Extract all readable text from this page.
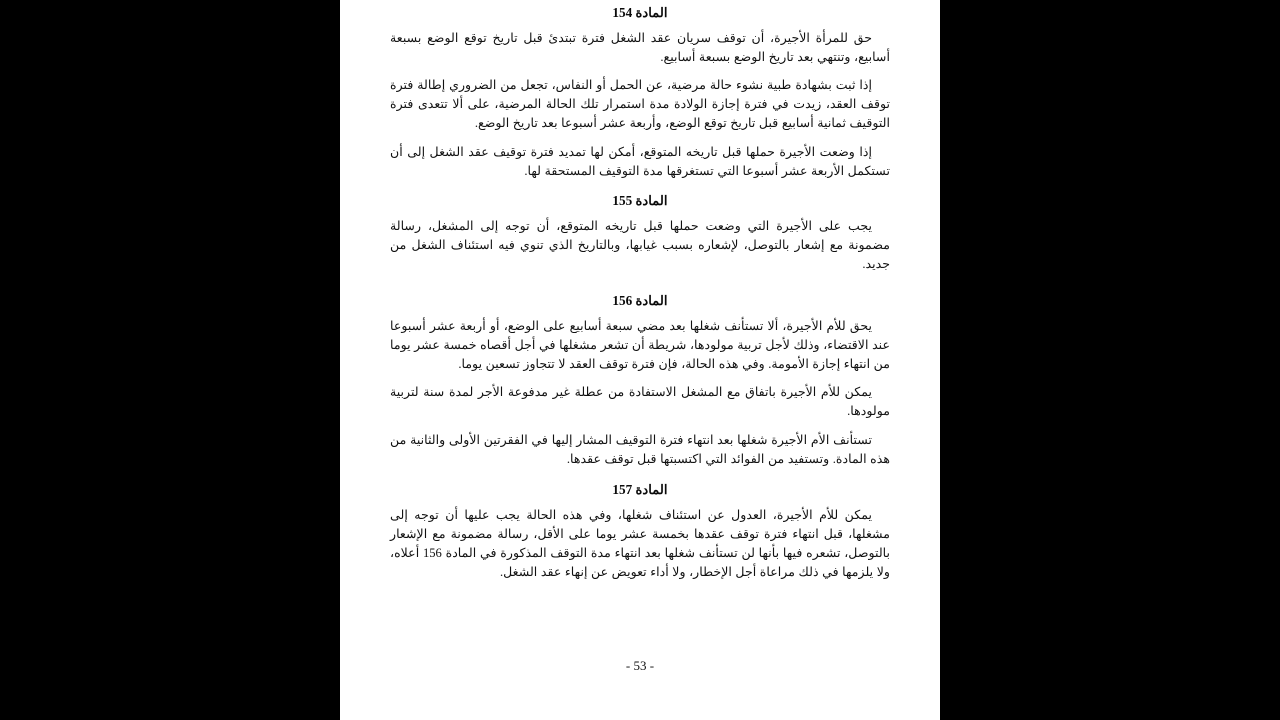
المادة 154

حق للمرأة الأجيرة، أن توقف سريان عقد الشغل فترة تبتدئ قبل تاريخ توقع الوضع بسبعة أسابيع، وتنتهي بعد تاريخ الوضع بسبعة أسابيع.

إذا ثبت بشهادة طبية نشوء حالة مرضية، عن الحمل أو النفاس، تجعل من الضروري إطالة فترة توقف العقد، زيدت في فترة إجازة الولادة مدة استمرار تلك الحالة المرضية، على ألا تتعدى فترة التوقيف ثمانية أسابيع قبل تاريخ توقع الوضع، وأربعة عشر أسبوعا بعد تاريخ الوضع.

إذا وضعت الأجيرة حملها قبل تاريخه المتوقع، أمكن لها تمديد فترة توقيف عقد الشغل إلى أن تستكمل الأربعة عشر أسبوعا التي تستغرقها مدة التوقيف المستحقة لها.

المادة 155

يجب على الأجيرة التي وضعت حملها قبل تاريخه المتوقع، أن توجه إلى المشغل، رسالة مضمونة مع إشعار بالتوصل، لإشعاره بسبب غيابها، وبالتاريخ الذي تنوي فيه استئناف الشغل من جديد.

المادة 156

يحق للأم الأجيرة، ألا تستأنف شغلها بعد مضي سبعة أسابيع على الوضع، أو أربعة عشر أسبوعا عند الاقتضاء، وذلك لأجل تربية مولودها، شريطة أن تشعر مشغلها في أجل أقصاه خمسة عشر يوما من انتهاء إجازة الأمومة. وفي هذه الحالة، فإن فترة توقف العقد لا تتجاوز تسعين يوما.

يمكن للأم الأجيرة باتفاق مع المشغل الاستفادة من عطلة غير مدفوعة الأجر لمدة سنة لتربية مولودها.

تستأنف الأم الأجيرة شغلها بعد انتهاء فترة التوقيف المشار إليها في الفقرتين الأولى والثانية من هذه المادة. وتستفيد من الفوائد التي اكتسبتها قبل توقف عقدها.

المادة 157

يمكن للأم الأجيرة، العدول عن استئناف شغلها، وفي هذه الحالة يجب عليها أن توجه إلى مشغلها، قبل انتهاء فترة توقف عقدها بخمسة عشر يوما على الأقل، رسالة مضمونة مع الإشعار بالتوصل، تشعره فيها بأنها لن تستأنف شغلها بعد انتهاء مدة التوقف المذكورة في المادة 156 أعلاه، ولا يلزمها في ذلك مراعاة أجل الإخطار، ولا أداء تعويض عن إنهاء عقد الشغل.

- 53 -
